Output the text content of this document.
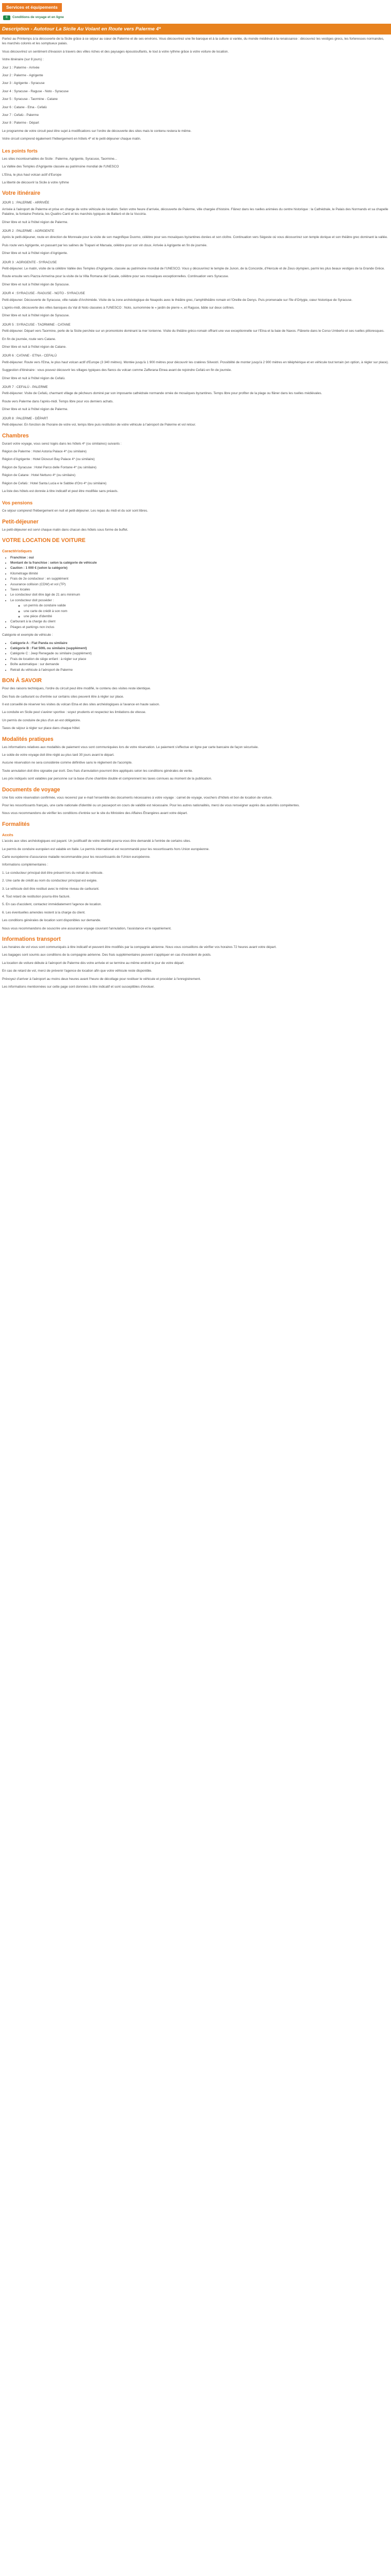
Services et équipements
C	Conditions de voyage et en ligne
Description - Autotour La Sicile Au Volant en Route vers Palerme 4*
Partez au Printemps à la découverte de la Sicile grâce à ce séjour au cœur de Palerme et de ses environs. Vous découvrirez une île baroque et à la culture si variée, du monde médiéval à la renaissance : découvrez les vestiges grecs, les forteresses normandes, les marchés colorés et les somptueux palais.
Vous découvrirez un sentiment d'évasion à travers des villes riches et des paysages époustouflants, le tout à votre rythme grâce à votre voiture de location.
Votre itinéraire (sur 8 jours) :
Jour 1 : Palerme - Arrivée
Jour 2 : Palerme - Agrigente
Jour 3 : Agrigente - Syracuse
Jour 4 : Syracuse - Raguse - Noto - Syracuse
Jour 5 : Syracuse - Taormine - Catane
Jour 6 : Catane - Etna - Cefalù
Jour 7 : Cefalù - Palerme
Jour 8 : Palerme - Départ
Le programme de votre circuit peut être sujet à modifications sur l'ordre de découverte des sites mais le contenu restera le même.
Votre circuit comprend également l'hébergement en hôtels 4* et le petit-déjeuner chaque matin.
Les points forts
Les sites incontournables de Sicile : Palerme, Agrigente, Syracuse, Taormine...
La Vallée des Temples d'Agrigente classée au patrimoine mondial de l'UNESCO
L'Etna, le plus haut volcan actif d'Europe
La liberté de découvrir la Sicile à votre rythme
Votre itinéraire
JOUR 1 : PALERME - ARRIVÉE
Arrivée à l'aéroport de Palerme et prise en charge de votre véhicule de location. Selon votre heure d'arrivée, découverte de Palerme, ville chargée d'histoire. Flânez dans les ruelles animées du centre historique : la Cathédrale, le Palais des Normands et sa chapelle Palatine, la fontaine Pretoria, les Quattro Canti et les marchés typiques de Ballarò et de la Vucciria.
Dîner libre et nuit à l'hôtel région de Palerme.
JOUR 2 : PALERME - AGRIGENTE
Après le petit-déjeuner, route en direction de Monreale pour la visite de son magnifique Duomo, célèbre pour ses mosaïques byzantines dorées et son cloître. Continuation vers Ségeste où vous découvrirez son temple dorique et son théâtre grec dominant la vallée.
Puis route vers Agrigente, en passant par les salines de Trapani et Marsala, célèbre pour son vin doux. Arrivée à Agrigente en fin de journée.
Dîner libre et nuit à l'hôtel région d'Agrigente.
JOUR 3 : AGRIGENTE - SYRACUSE
Petit-déjeuner. Le matin, visite de la célèbre Vallée des Temples d'Agrigente, classée au patrimoine mondial de l'UNESCO. Vous y découvrirez le temple de Junon, de la Concorde, d'Hercule et de Zeus olympien, parmi les plus beaux vestiges de la Grande Grèce.
Route ensuite vers Piazza Armerina pour la visite de la Villa Romana del Casale, célèbre pour ses mosaïques exceptionnelles. Continuation vers Syracuse.
Dîner libre et nuit à l'hôtel région de Syracuse.
JOUR 4 : SYRACUSE - RAGUSE - NOTO - SYRACUSE
Petit-déjeuner. Découverte de Syracuse, ville natale d'Archimède. Visite de la zone archéologique de Neapolis avec le théâtre grec, l'amphithéâtre romain et l'Oreille de Denys. Puis promenade sur l'île d'Ortygie, cœur historique de Syracuse.
L'après-midi, découverte des villes baroques du Val di Noto classées à l'UNESCO : Noto, surnommée le « jardin de pierre », et Raguse, bâtie sur deux collines.
Dîner libre et nuit à l'hôtel région de Syracuse.
JOUR 5 : SYRACUSE - TAORMINE - CATANE
Petit-déjeuner. Départ vers Taormine, perle de la Sicile perchée sur un promontoire dominant la mer Ionienne. Visite du théâtre gréco-romain offrant une vue exceptionnelle sur l'Etna et la baie de Naxos. Flânerie dans le Corso Umberto et ses ruelles pittoresques.
En fin de journée, route vers Catane.
Dîner libre et nuit à l'hôtel région de Catane.
JOUR 6 : CATANE - ETNA - CEFALÙ
Petit-déjeuner. Route vers l'Etna, le plus haut volcan actif d'Europe (3 340 mètres). Montée jusqu'à 1 900 mètres pour découvrir les cratères Silvestri. Possibilité de monter jusqu'à 2 900 mètres en téléphérique et en véhicule tout terrain (en option, à régler sur place).
Suggestion d'itinéraire : vous pouvez découvrir les villages typiques des flancs du volcan comme Zafferana Etnea avant de rejoindre Cefalù en fin de journée.
Dîner libre et nuit à l'hôtel région de Cefalù.
JOUR 7 : CEFALÙ - PALERME
Petit-déjeuner. Visite de Cefalù, charmant village de pêcheurs dominé par son imposante cathédrale normande ornée de mosaïques byzantines. Temps libre pour profiter de la plage ou flâner dans les ruelles médiévales.
Route vers Palerme dans l'après-midi. Temps libre pour vos derniers achats.
Dîner libre et nuit à l'hôtel région de Palerme.
JOUR 8 : PALERME - DÉPART
Petit-déjeuner. En fonction de l'horaire de votre vol, temps libre puis restitution de votre véhicule à l'aéroport de Palerme et vol retour.
Chambres
Durant votre voyage, vous serez logés dans les hôtels 4* (ou similaires) suivants :
Région de Palerme : Hotel Astoria Palace 4* (ou similaire)
Région d'Agrigente : Hotel Dioscuri Bay Palace 4* (ou similaire)
Région de Syracuse : Hotel Parco delle Fontane 4* (ou similaire)
Région de Catane : Hotel Nettuno 4* (ou similaire)
Région de Cefalù : Hotel Santa Lucia e le Sabbie d'Oro 4* (ou similaire)
La liste des hôtels est donnée à titre indicatif et peut être modifiée sans préavis.
Vos pensions
Ce séjour comprend l'hébergement en nuit et petit-déjeuner. Les repas du midi et du soir sont libres.
Petit-déjeuner
Le petit-déjeuner est servi chaque matin dans chacun des hôtels sous forme de buffet.
VOTRE LOCATION DE VOITURE
Caractéristiques
• Franchise : oui
• Montant de la franchise : selon la catégorie de véhicule
• Caution : 1 000 € (selon la catégorie)
• Kilométrage illimité
• Frais de 2e conducteur : en supplément
• Assurance collision (CDW) et vol (TP)
• Taxes locales
• Le conducteur doit être âgé de 21 ans minimum
• Le conducteur doit posséder :
◦ un permis de conduire valide
◦ une carte de crédit à son nom
◦ une pièce d'identité
• Carburant à la charge du client
• Péages et parkings non inclus
Catégorie et exemple de véhicule :
• Catégorie A : Fiat Panda ou similaire
• Catégorie B : Fiat 500L ou similaire (supplément)
• Catégorie C : Jeep Renegade ou similaire (supplément)
• Frais de location de siège enfant : à régler sur place
• Boîte automatique : sur demande
• Retrait du véhicule à l'aéroport de Palerme
BON À SAVOIR
Pour des raisons techniques, l'ordre du circuit peut être modifié, le contenu des visites reste identique.
Des frais de carburant ou d'entrée sur certains sites peuvent être à régler sur place.
Il est conseillé de réserver les visites du volcan Etna et des sites archéologiques à l'avance en haute saison.
La conduite en Sicile peut s'avérer sportive : soyez prudents et respectez les limitations de vitesse.
Un permis de conduire de plus d'un an est obligatoire.
Taxes de séjour à régler sur place dans chaque hôtel.
Modalités pratiques
Les informations relatives aux modalités de paiement vous sont communiquées lors de votre réservation. Le paiement s'effectue en ligne par carte bancaire de façon sécurisée.
Le solde de votre voyage doit être réglé au plus tard 30 jours avant le départ.
Aucune réservation ne sera considérée comme définitive sans le règlement de l'acompte.
Toute annulation doit être signalée par écrit. Des frais d'annulation pourront être appliqués selon les conditions générales de vente.
Les prix indiqués sont valables par personne sur la base d'une chambre double et comprennent les taxes connues au moment de la publication.
Documents de voyage
Une fois votre réservation confirmée, vous recevrez par e-mail l'ensemble des documents nécessaires à votre voyage : carnet de voyage, vouchers d'hôtels et bon de location de voiture.
Pour les ressortissants français, une carte nationale d'identité ou un passeport en cours de validité est nécessaire. Pour les autres nationalités, merci de vous renseigner auprès des autorités compétentes.
Nous vous recommandons de vérifier les conditions d'entrée sur le site du Ministère des Affaires Étrangères avant votre départ.
Formalités
Accès
L'accès aux sites archéologiques est payant. Un justificatif de votre identité pourra vous être demandé à l'entrée de certains sites.
Le permis de conduire européen est valable en Italie. Le permis international est recommandé pour les ressortissants hors Union européenne.
Carte européenne d'assurance maladie recommandée pour les ressortissants de l'Union européenne.
Informations complémentaires :
1. Le conducteur principal doit être présent lors du retrait du véhicule.
2. Une carte de crédit au nom du conducteur principal est exigée.
3. Le véhicule doit être restitué avec le même niveau de carburant.
4. Tout retard de restitution pourra être facturé.
5. En cas d'accident, contactez immédiatement l'agence de location.
6. Les éventuelles amendes restent à la charge du client.
Les conditions générales de location sont disponibles sur demande.
Nous vous recommandons de souscrire une assurance voyage couvrant l'annulation, l'assistance et le rapatriement.
Informations transport
Les horaires de vol vous sont communiqués à titre indicatif et peuvent être modifiés par la compagnie aérienne. Nous vous conseillons de vérifier vos horaires 72 heures avant votre départ.
Les bagages sont soumis aux conditions de la compagnie aérienne. Des frais supplémentaires peuvent s'appliquer en cas d'excédent de poids.
La location de voiture débute à l'aéroport de Palerme dès votre arrivée et se termine au même endroit le jour de votre départ.
En cas de retard de vol, merci de prévenir l'agence de location afin que votre véhicule reste disponible.
Prévoyez d'arriver à l'aéroport au moins deux heures avant l'heure de décollage pour restituer le véhicule et procéder à l'enregistrement.
Les informations mentionnées sur cette page sont données à titre indicatif et sont susceptibles d'évoluer.
